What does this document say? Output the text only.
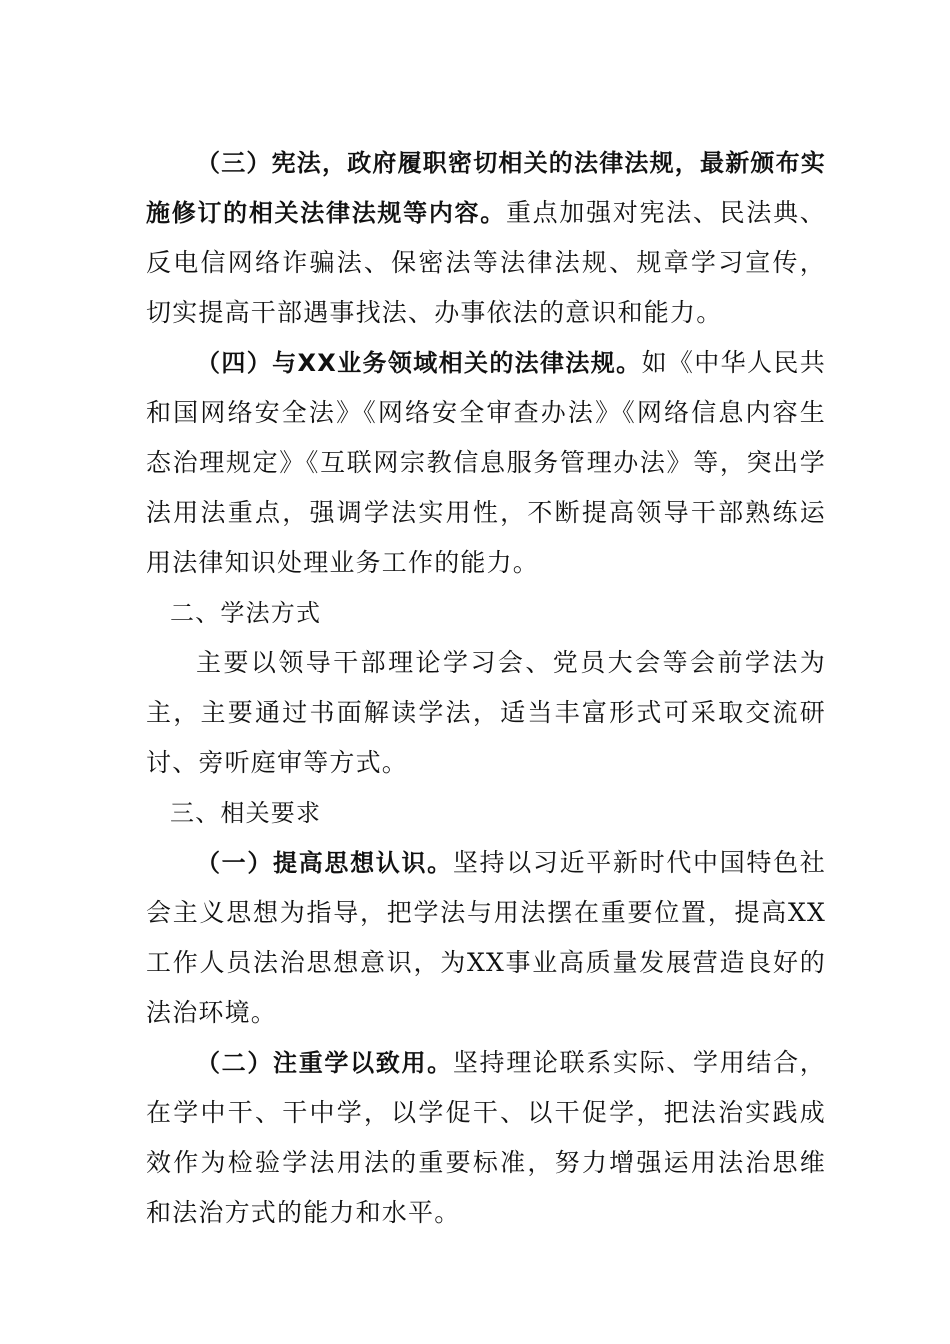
（三）宪法，政府履职密切相关的法律法规，最新颁布实施修订的相关法律法规等内容。重点加强对宪法、民法典、反电信网络诈骗法、保密法等法律法规、规章学习宣传，切实提高干部遇事找法、办事依法的意识和能力。

（四）与XX业务领域相关的法律法规。如《中华人民共和国网络安全法》《网络安全审查办法》《网络信息内容生态治理规定》《互联网宗教信息服务管理办法》等，突出学法用法重点，强调学法实用性，不断提高领导干部熟练运用法律知识处理业务工作的能力。

二、学法方式

主要以领导干部理论学习会、党员大会等会前学法为主，主要通过书面解读学法，适当丰富形式可采取交流研讨、旁听庭审等方式。

三、相关要求

（一）提高思想认识。坚持以习近平新时代中国特色社会主义思想为指导，把学法与用法摆在重要位置，提高XX工作人员法治思想意识，为XX事业高质量发展营造良好的法治环境。

（二）注重学以致用。坚持理论联系实际、学用结合，在学中干、干中学，以学促干、以干促学，把法治实践成效作为检验学法用法的重要标准，努力增强运用法治思维和法治方式的能力和水平。
